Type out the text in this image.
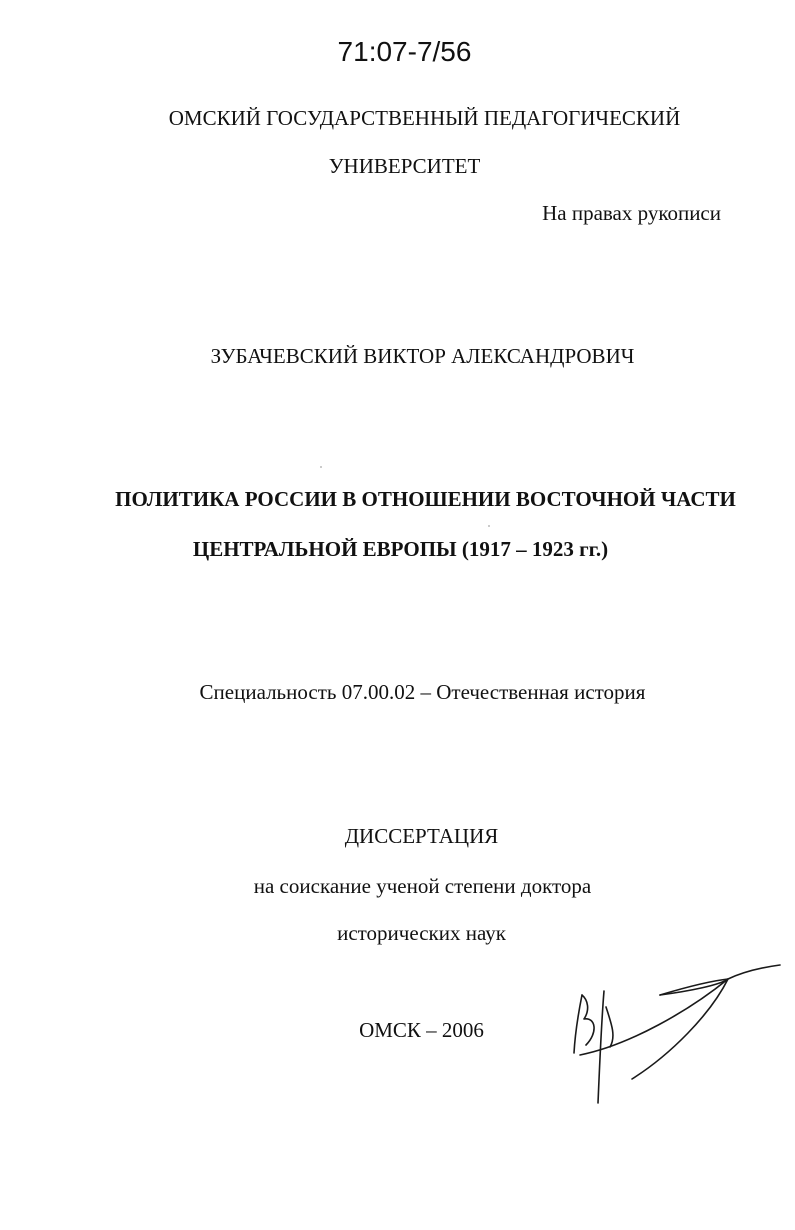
71:07-7/56
ОМСКИЙ ГОСУДАРСТВЕННЫЙ ПЕДАГОГИЧЕСКИЙ
УНИВЕРСИТЕТ
На правах рукописи
ЗУБАЧЕВСКИЙ ВИКТОР АЛЕКСАНДРОВИЧ
ПОЛИТИКА РОССИИ В ОТНОШЕНИИ ВОСТОЧНОЙ ЧАСТИ
ЦЕНТРАЛЬНОЙ ЕВРОПЫ (1917 – 1923 гг.)
Специальность 07.00.02 – Отечественная история
ДИССЕРТАЦИЯ
на соискание ученой степени доктора
исторических наук
ОМСК – 2006
